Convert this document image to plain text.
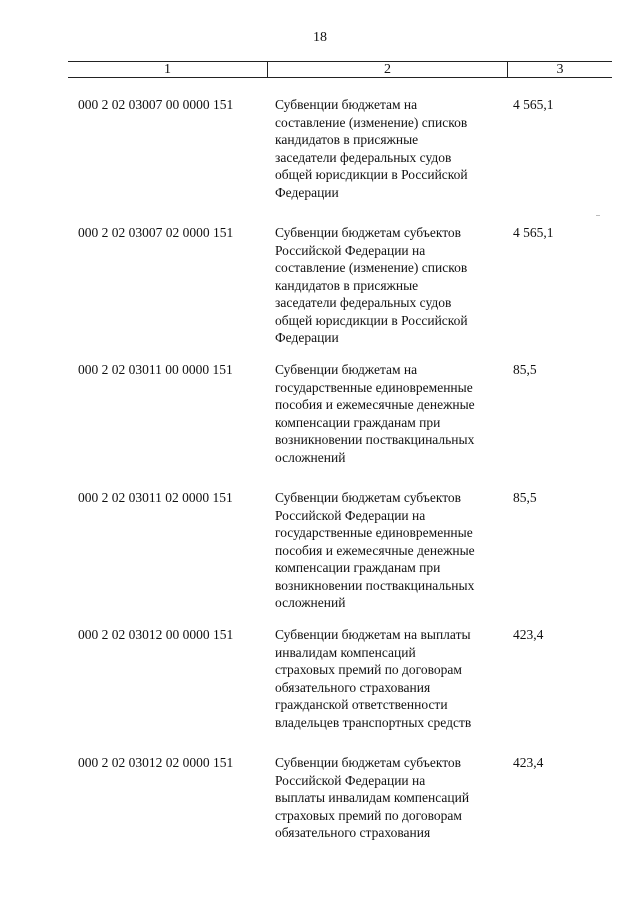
18
1	2	3
000 2 02 03007 00 0000 151	Субвенции бюджетам на
составление (изменение) списков
кандидатов в присяжные
заседатели федеральных судов
общей юрисдикции в Российской
Федерации
4 565,1
000 2 02 03007 02 0000 151	Субвенции бюджетам субъектов
Российской Федерации на
составление (изменение) списков
кандидатов в присяжные
заседатели федеральных судов
общей юрисдикции в Российской
Федерации
4 565,1
000 2 02 03011 00 0000 151	Субвенции бюджетам на
государственные единовременные
пособия и ежемесячные денежные
компенсации гражданам при
возникновении поствакцинальных
осложнений
85,5
000 2 02 03011 02 0000 151	Субвенции бюджетам субъектов
Российской Федерации на
государственные единовременные
пособия и ежемесячные денежные
компенсации гражданам при
возникновении поствакцинальных
осложнений
85,5
000 2 02 03012 00 0000 151	Субвенции бюджетам на выплаты
инвалидам компенсаций
страховых премий по договорам
обязательного страхования
гражданской ответственности
владельцев транспортных средств
423,4
000 2 02 03012 02 0000 151	Субвенции бюджетам субъектов
Российской Федерации на
выплаты инвалидам компенсаций
страховых премий по договорам
обязательного страхования
423,4
